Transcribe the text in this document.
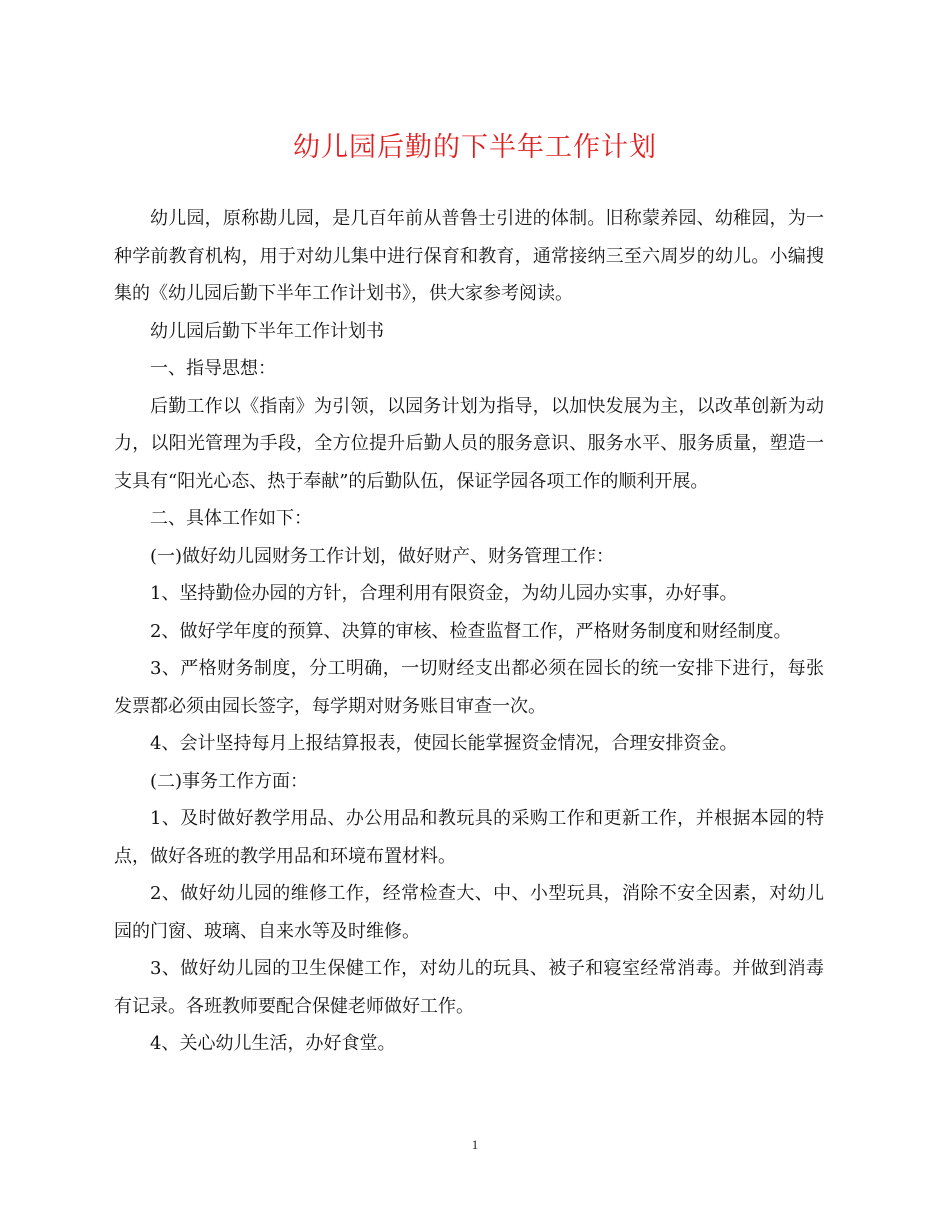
幼儿园后勤的下半年工作计划

幼儿园，原称勘儿园，是几百年前从普鲁士引进的体制。旧称蒙养园、幼稚园，为一种学前教育机构，用于对幼儿集中进行保育和教育，通常接纳三至六周岁的幼儿。小编搜集的《幼儿园后勤下半年工作计划书》，供大家参考阅读。

幼儿园后勤下半年工作计划书

一、指导思想：

后勤工作以《指南》为引领，以园务计划为指导，以加快发展为主，以改革创新为动力，以阳光管理为手段，全方位提升后勤人员的服务意识、服务水平、服务质量，塑造一支具有“阳光心态、热于奉献”的后勤队伍，保证学园各项工作的顺利开展。

二、具体工作如下：

(一)做好幼儿园财务工作计划，做好财产、财务管理工作：

1、坚持勤俭办园的方针，合理利用有限资金，为幼儿园办实事，办好事。

2、做好学年度的预算、决算的审核、检查监督工作，严格财务制度和财经制度。

3、严格财务制度，分工明确，一切财经支出都必须在园长的统一安排下进行，每张发票都必须由园长签字，每学期对财务账目审查一次。

4、会计坚持每月上报结算报表，使园长能掌握资金情况，合理安排资金。

(二)事务工作方面：

1、及时做好教学用品、办公用品和教玩具的采购工作和更新工作，并根据本园的特点，做好各班的教学用品和环境布置材料。

2、做好幼儿园的维修工作，经常检查大、中、小型玩具，消除不安全因素，对幼儿园的门窗、玻璃、自来水等及时维修。

3、做好幼儿园的卫生保健工作，对幼儿的玩具、被子和寝室经常消毒。并做到消毒有记录。各班教师要配合保健老师做好工作。

4、关心幼儿生活，办好食堂。

1
